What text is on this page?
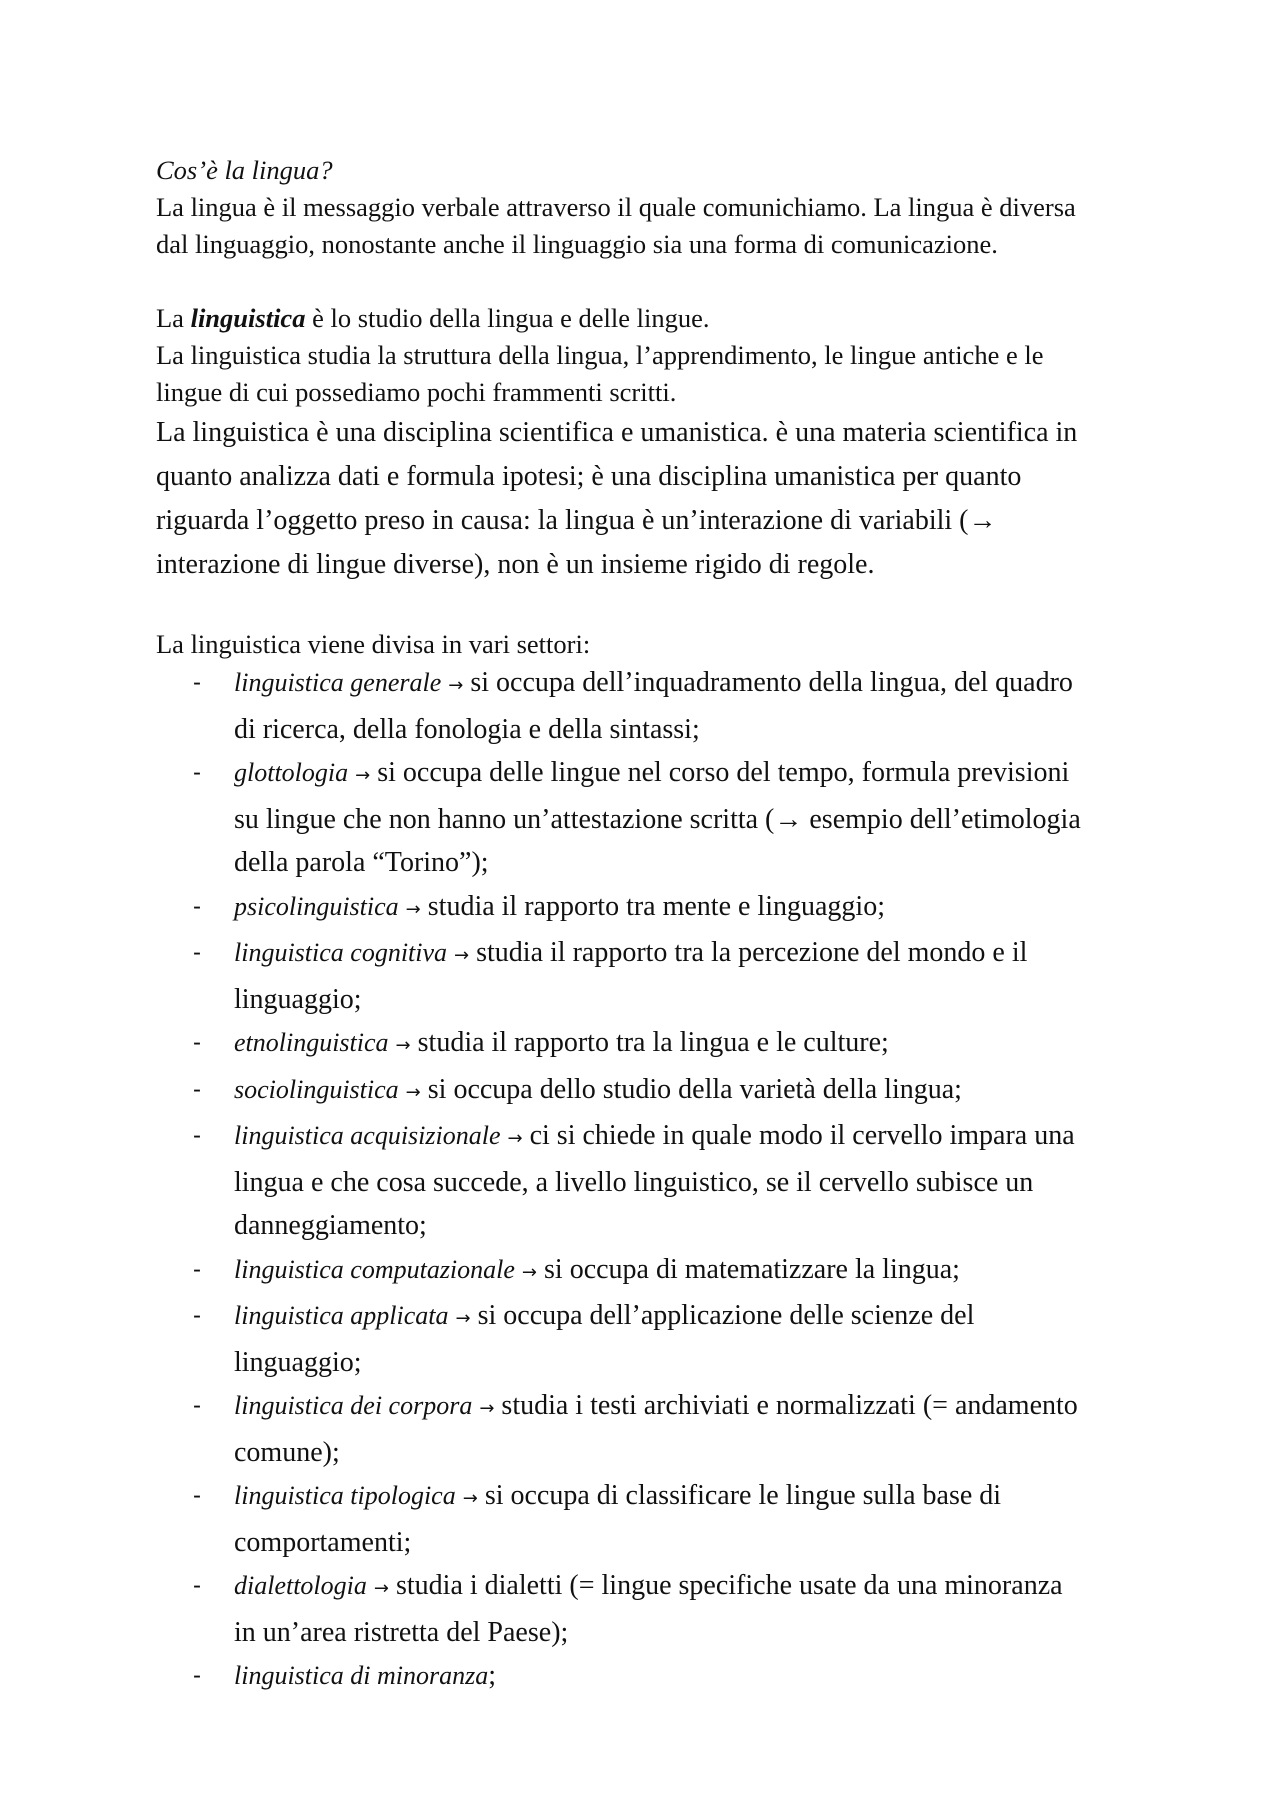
Cos’è la lingua?
La lingua è il messaggio verbale attraverso il quale comunichiamo. La lingua è diversa
dal linguaggio, nonostante anche il linguaggio sia una forma di comunicazione.
La linguistica è lo studio della lingua e delle lingue.
La linguistica studia la struttura della lingua, l’apprendimento, le lingue antiche e le
lingue di cui possediamo pochi frammenti scritti.
La linguistica è una disciplina scientifica e umanistica. è una materia scientifica in
quanto analizza dati e formula ipotesi; è una disciplina umanistica per quanto
riguarda l’oggetto preso in causa: la lingua è un’interazione di variabili (→
interazione di lingue diverse), non è un insieme rigido di regole.
La linguistica viene divisa in vari settori:
- linguistica generale → si occupa dell’inquadramento della lingua, del quadro
di ricerca, della fonologia e della sintassi;
- glottologia → si occupa delle lingue nel corso del tempo, formula previsioni
su lingue che non hanno un’attestazione scritta (→ esempio dell’etimologia
della parola “Torino”);
- psicolinguistica → studia il rapporto tra mente e linguaggio;
- linguistica cognitiva → studia il rapporto tra la percezione del mondo e il
linguaggio;
- etnolinguistica → studia il rapporto tra la lingua e le culture;
- sociolinguistica → si occupa dello studio della varietà della lingua;
- linguistica acquisizionale → ci si chiede in quale modo il cervello impara una
lingua e che cosa succede, a livello linguistico, se il cervello subisce un
danneggiamento;
- linguistica computazionale → si occupa di matematizzare la lingua;
- linguistica applicata → si occupa dell’applicazione delle scienze del
linguaggio;
- linguistica dei corpora → studia i testi archiviati e normalizzati (= andamento
comune);
- linguistica tipologica → si occupa di classificare le lingue sulla base di
comportamenti;
- dialettologia → studia i dialetti (= lingue specifiche usate da una minoranza
in un’area ristretta del Paese);
- linguistica di minoranza;
